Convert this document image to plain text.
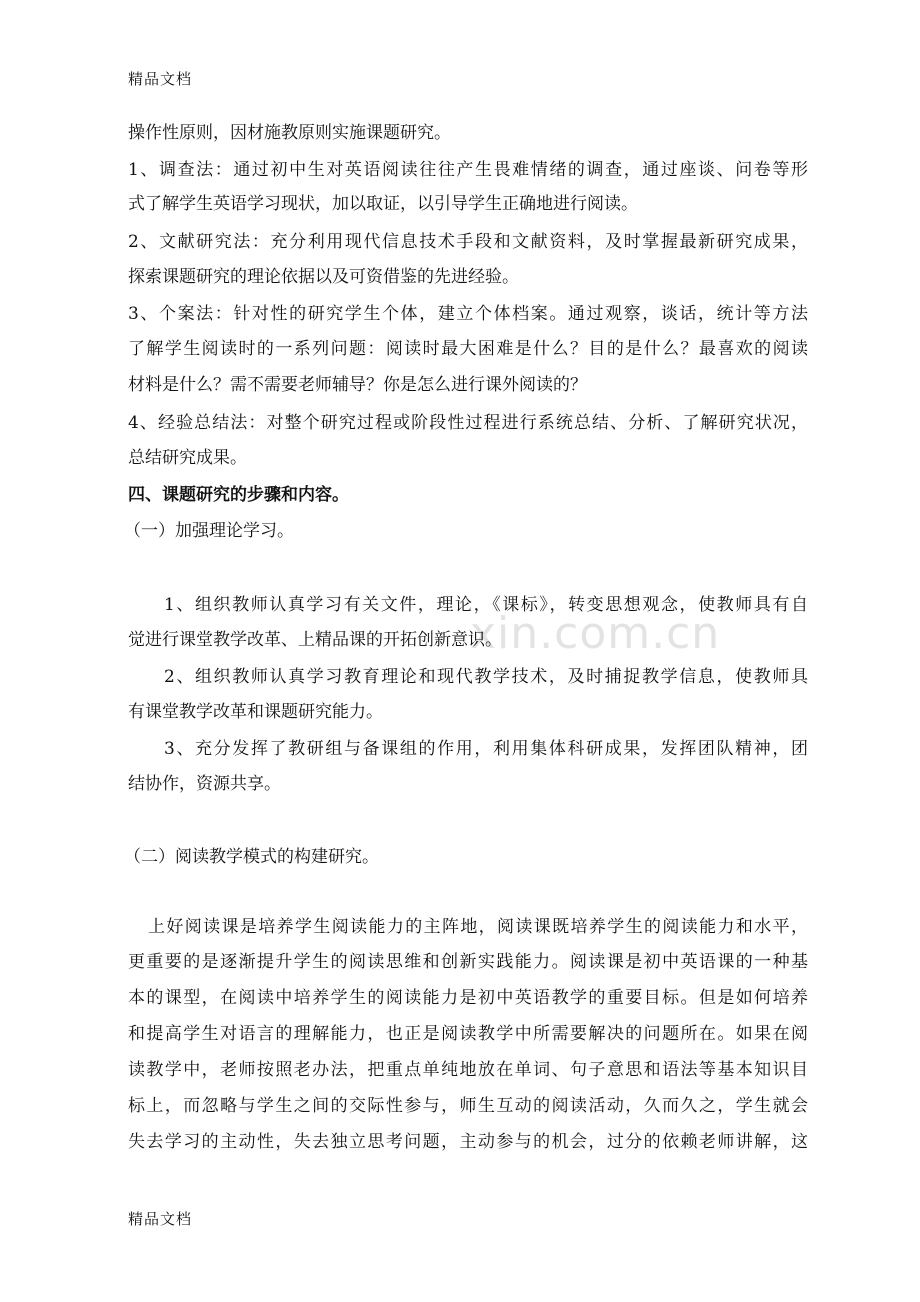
精品文档
xin.com.cn
操作性原则，因材施教原则实施课题研究。
1、调查法：通过初中生对英语阅读往往产生畏难情绪的调查，通过座谈、问卷等形
式了解学生英语学习现状，加以取证，以引导学生正确地进行阅读。
2、文献研究法：充分利用现代信息技术手段和文献资料，及时掌握最新研究成果，
探索课题研究的理论依据以及可资借鉴的先进经验。
3、个案法：针对性的研究学生个体，建立个体档案。通过观察，谈话，统计等方法
了解学生阅读时的一系列问题：阅读时最大困难是什么？目的是什么？最喜欢的阅读
材料是什么？需不需要老师辅导？你是怎么进行课外阅读的？
4、经验总结法：对整个研究过程或阶段性过程进行系统总结、分析、了解研究状况，
总结研究成果。
四、课题研究的步骤和内容。
（一）加强理论学习。
1、组织教师认真学习有关文件，理论，《课标》，转变思想观念，使教师具有自
觉进行课堂教学改革、上精品课的开拓创新意识。
2、组织教师认真学习教育理论和现代教学技术，及时捕捉教学信息，使教师具
有课堂教学改革和课题研究能力。
3、充分发挥了教研组与备课组的作用，利用集体科研成果，发挥团队精神，团
结协作，资源共享。
（二）阅读教学模式的构建研究。
上好阅读课是培养学生阅读能力的主阵地，阅读课既培养学生的阅读能力和水平，
更重要的是逐渐提升学生的阅读思维和创新实践能力。阅读课是初中英语课的一种基
本的课型，在阅读中培养学生的阅读能力是初中英语教学的重要目标。但是如何培养
和提高学生对语言的理解能力，也正是阅读教学中所需要解决的问题所在。如果在阅
读教学中，老师按照老办法，把重点单纯地放在单词、句子意思和语法等基本知识目
标上，而忽略与学生之间的交际性参与，师生互动的阅读活动，久而久之，学生就会
失去学习的主动性，失去独立思考问题，主动参与的机会，过分的依赖老师讲解，这
精品文档
